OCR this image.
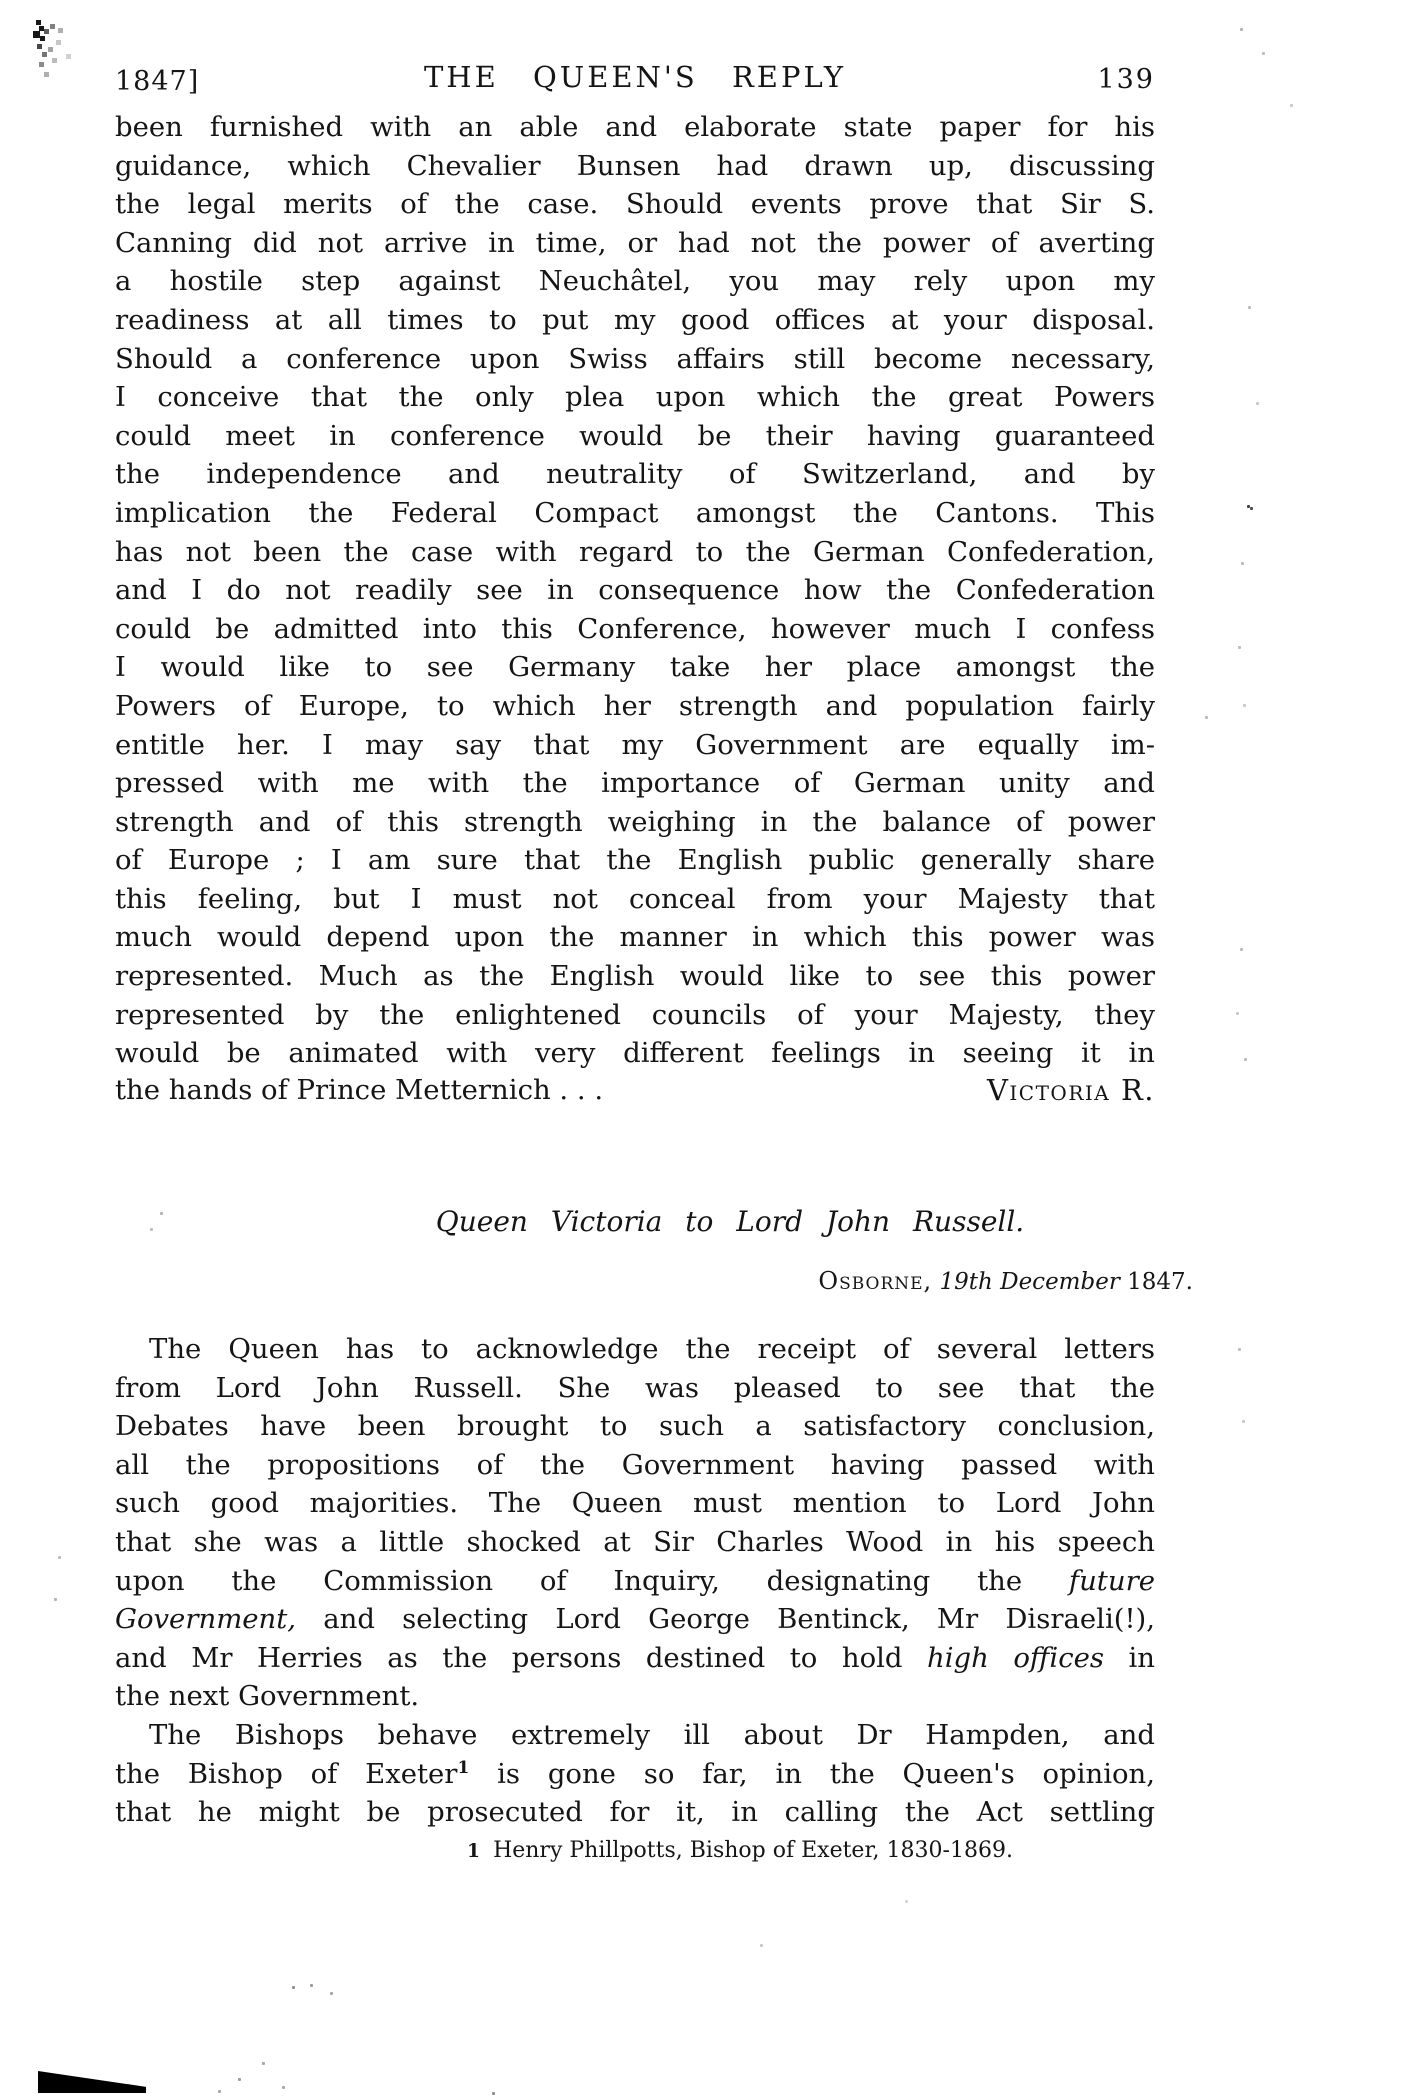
1847]	THE QUEEN'S REPLY	139
been furnished with an able and elaborate state paper for his
guidance, which Chevalier Bunsen had drawn up, discussing
the legal merits of the case. Should events prove that Sir S.
Canning did not arrive in time, or had not the power of averting
a hostile step against Neuchâtel, you may rely upon my
readiness at all times to put my good offices at your disposal.
Should a conference upon Swiss affairs still become necessary,
I conceive that the only plea upon which the great Powers
could meet in conference would be their having guaranteed
the independence and neutrality of Switzerland, and by
implication the Federal Compact amongst the Cantons. This
has not been the case with regard to the German Confederation,
and I do not readily see in consequence how the Confederation
could be admitted into this Conference, however much I confess
I would like to see Germany take her place amongst the
Powers of Europe, to which her strength and population fairly
entitle her. I may say that my Government are equally im-
pressed with me with the importance of German unity and
strength and of this strength weighing in the balance of power
of Europe ; I am sure that the English public generally share
this feeling, but I must not conceal from your Majesty that
much would depend upon the manner in which this power was
represented. Much as the English would like to see this power
represented by the enlightened councils of your Majesty, they
would be animated with very different feelings in seeing it in
the hands of Prince Metternich . . .	Victoria R.
Queen Victoria to Lord John Russell.
Osborne, 19th December 1847.
The Queen has to acknowledge the receipt of several letters
from Lord John Russell. She was pleased to see that the
Debates have been brought to such a satisfactory conclusion,
all the propositions of the Government having passed with
such good majorities. The Queen must mention to Lord John
that she was a little shocked at Sir Charles Wood in his speech
upon the Commission of Inquiry, designating the future
Government, and selecting Lord George Bentinck, Mr Disraeli(!),
and Mr Herries as the persons destined to hold high offices in
the next Government.
The Bishops behave extremely ill about Dr Hampden, and
the Bishop of Exeter$^1$ is gone so far, in the Queen's opinion,
that he might be prosecuted for it, in calling the Act settling
1 Henry Phillpotts, Bishop of Exeter, 1830-1869.
